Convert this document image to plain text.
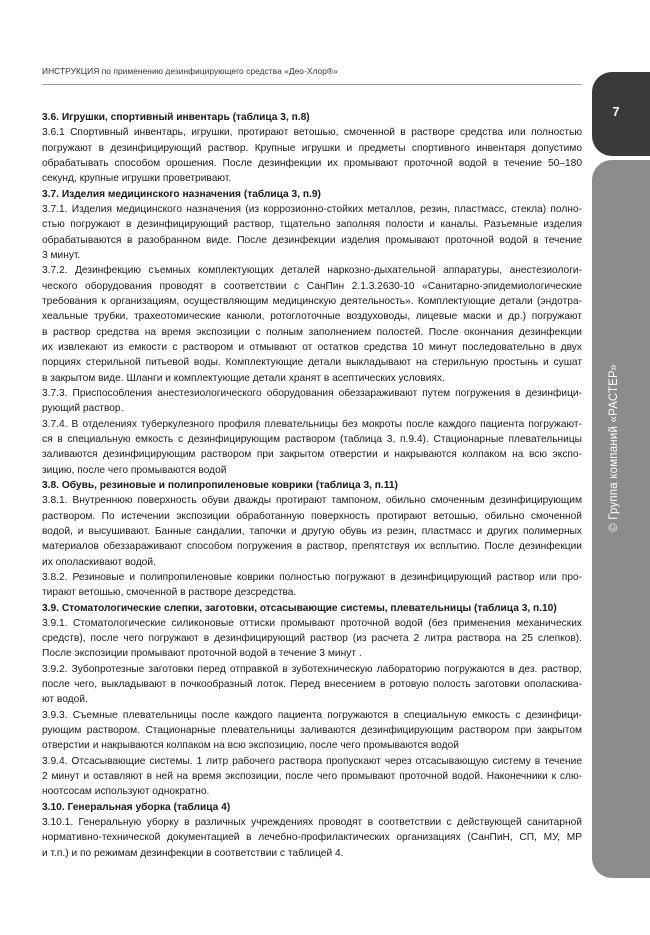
ИНСТРУКЦИЯ по применению дезинфицирующего средства «Део-Хлор®»
7
© Группа компаний «РАСТЕР»
3.6. Игрушки, спортивный инвентарь (таблица 3, п.8)
3.6.1 Спортивный инвентарь, игрушки, протирают ветошью, смоченной в растворе средства или полностью
погружают в дезинфицирующий раствор. Крупные игрушки и предметы спортивного инвентаря допустимо
обрабатывать способом орошения. После дезинфекции их промывают проточной водой в течение 50–180
секунд, крупные игрушки проветривают.
3.7. Изделия медицинского назначения (таблица 3, п.9)
3.7.1. Изделия медицинского назначения (из коррозионно-стойких металлов, резин, пластмасс, стекла) полно-
стью погружают в дезинфицирующий раствор, тщательно заполняя полости и каналы. Разъемные изделия
обрабатываются в разобранном виде. После дезинфекции изделия промывают проточной водой в течение
3 минут.
3.7.2. Дезинфекцию съемных комплектующих деталей наркозно-дыхательной аппаратуры, анестезиологи-
ческого оборудования проводят в соответствии с СанПин 2.1.3.2630-10 «Санитарно-эпидемиологические
требования к организациям, осуществляющим медицинскую деятельность». Комплектующие детали (эндотра-
хеальные трубки, трахеотомические канюли, ротоглоточные воздуховоды, лицевые маски и др.) погружают
в раствор средства на время экспозиции с полным заполнением полостей. После окончания дезинфекции
их извлекают из емкости с раствором и отмывают от остатков средства 10 минут последовательно в двух
порциях стерильной питьевой воды. Комплектующие детали выкладывают на стерильную простынь и сушат
в закрытом виде. Шланги и комплектующие детали хранят в асептических условиях.
3.7.3. Приспособления анестезиологического оборудования обеззараживают путем погружения в дезинфици-
рующий раствор.
3.7.4. В отделениях туберкулезного профиля плевательницы без мокроты после каждого пациента погружают-
ся в специальную емкость с дезинфицирующим раствором (таблица 3, п.9.4). Стационарные плевательницы
заливаются дезинфицирующим раствором при закрытом отверстии и накрываются колпаком на всю экспо-
зицию, после чего промываются водой
3.8. Обувь, резиновые и полипропиленовые коврики (таблица 3, п.11)
3.8.1. Внутреннюю поверхность обуви дважды протирают тампоном, обильно смоченным дезинфицирующим
раствором. По истечении экспозиции обработанную поверхность протирают ветошью, обильно смоченной
водой, и высушивают. Банные сандалии, тапочки и другую обувь из резин, пластмасс и других полимерных
материалов обеззараживают способом погружения в раствор, препятствуя их всплытию. После дезинфекции
их ополаскивают водой.
3.8.2. Резиновые и полипропиленовые коврики полностью погружают в дезинфицирующий раствор или про-
тирают ветошью, смоченной в растворе дезсредства.
3.9. Стоматологические слепки, заготовки, отсасывающие системы, плевательницы (таблица 3, п.10)
3.9.1. Стоматологические силиконовые оттиски промывают проточной водой (без применения механических
средств), после чего погружают в дезинфицирующий раствор (из расчета 2 литра раствора на 25 слепков).
После экспозиции промывают проточной водой в течение 3 минут .
3.9.2. Зубопротезные заготовки перед отправкой в зуботехническую лабораторию погружаются в дез. раствор,
после чего, выкладывают в почкообразный лоток. Перед внесением в ротовую полость заготовки ополаскива-
ют водой.
3.9.3. Съемные плевательницы после каждого пациента погружаются в специальную емкость с дезинфици-
рующим раствором. Стационарные плевательницы заливаются дезинфицирующим раствором при закрытом
отверстии и накрываются колпаком на всю экспозицию, после чего промываются водой
3.9.4. Отсасывающие системы. 1 литр рабочего раствора пропускают через отсасывающую систему в течение
2 минут и оставляют в ней на время экспозиции, после чего промывают проточной водой. Наконечники к слю-
ноотсосам используют однократно.
3.10. Генеральная уборка (таблица 4)
3.10.1. Генеральную уборку в различных учреждениях проводят в соответствии с действующей санитарной
нормативно-технической документацией в лечебно-профилактических организациях (СанПиН, СП, МУ, МР
и т.п.) и по режимам дезинфекции в соответствии с таблицей 4.
